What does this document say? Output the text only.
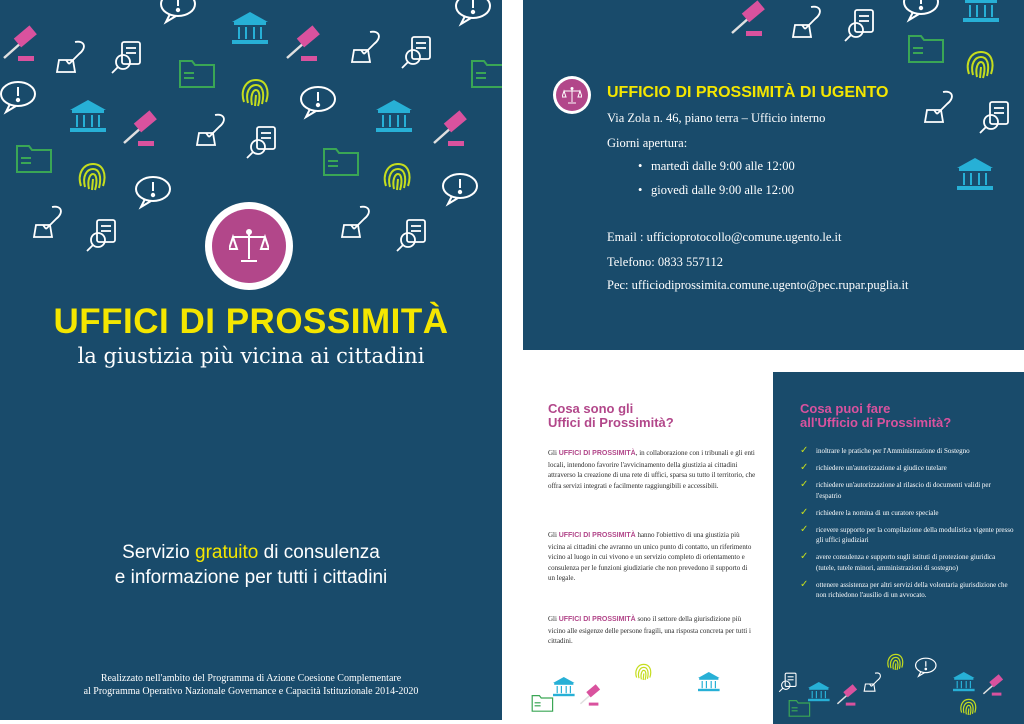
UFFICI DI PROSSIMITÀ
la giustizia più vicina ai cittadini
Servizio gratuito di consulenza
e informazione per tutti i cittadini
Realizzato nell'ambito del Programma di Azione Coesione Complementare
al Programma Operativo Nazionale Governance e Capacità Istituzionale 2014-2020
UFFICIO DI PROSSIMITÀ DI UGENTO
Via Zola n. 46, piano terra – Ufficio interno
Giorni apertura:
• martedì dalle 9:00 alle 12:00
• giovedì dalle 9:00 alle 12:00
Email : ufficioprotocollo@comune.ugento.le.it
Telefono: 0833 557112
Pec: ufficiodiprossimita.comune.ugento@pec.rupar.puglia.it
Cosa sono gli
Uffici di Prossimità?
Gli UFFICI DI PROSSIMITÀ, in collaborazione con i tribunali e gli enti locali, intendono favorire l'avvicinamento della giustizia ai cittadini attraverso la creazione di una rete di uffici, sparsa su tutto il territorio, che offra servizi integrati e facilmente raggiungibili e accessibili.
Gli UFFICI DI PROSSIMITÀ hanno l'obiettivo di una giustizia più vicina ai cittadini che avranno un unico punto di contatto, un riferimento vicino al luogo in cui vivono e un servizio completo di orientamento e consulenza per le funzioni giudiziarie che non prevedono il supporto di un legale.
Gli UFFICI DI PROSSIMITÀ sono il settore della giurisdizione più vicino alle esigenze delle persone fragili, una risposta concreta per tutti i cittadini.
Cosa puoi fare
all'Ufficio di Prossimità?
✓ inoltrare le pratiche per l'Amministrazione di Sostegno
✓ richiedere un'autorizzazione al giudice tutelare
✓ richiedere un'autorizzazione al rilascio di documenti validi per l'espatrio
✓ richiedere la nomina di un curatore speciale
✓ ricevere supporto per la compilazione della modulistica vigente presso gli uffici giudiziari
✓ avere consulenza e supporto sugli istituti di protezione giuridica (tutele, tutele minori, amministrazioni di sostegno)
✓ ottenere assistenza per altri servizi della volontaria giurisdizione che non richiedono l'ausilio di un avvocato.
